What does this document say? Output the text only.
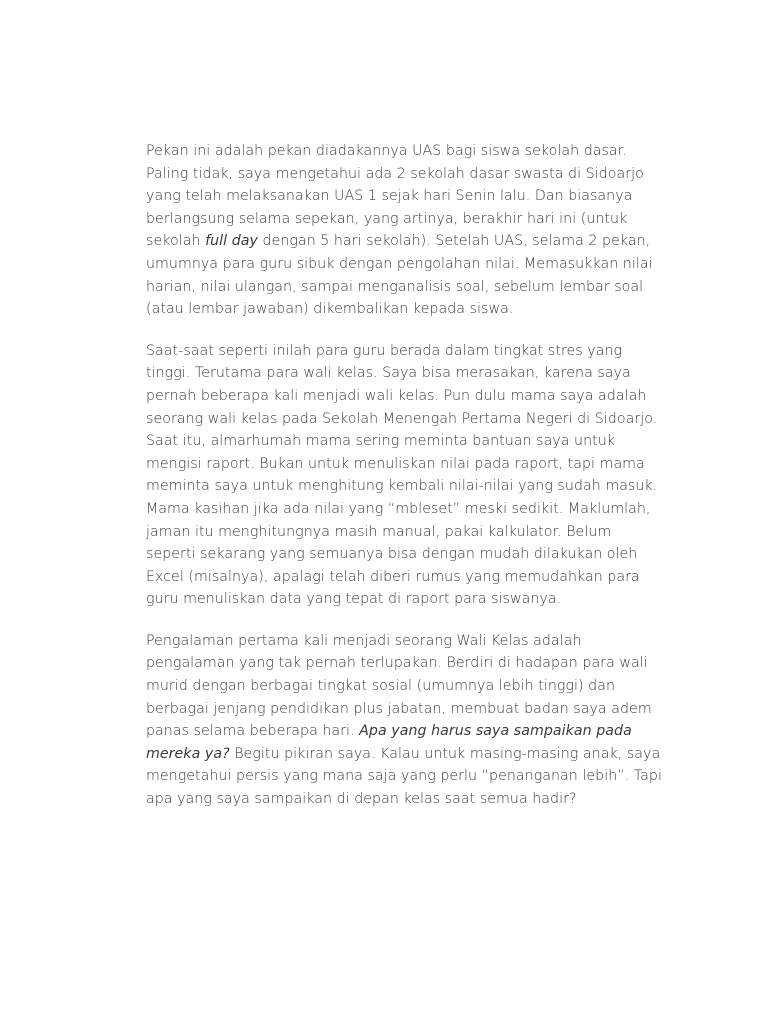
Pekan ini adalah pekan diadakannya UAS bagi siswa sekolah dasar. Paling tidak, saya mengetahui ada 2 sekolah dasar swasta di Sidoarjo yang telah melaksanakan UAS 1 sejak hari Senin lalu. Dan biasanya berlangsung selama sepekan, yang artinya, berakhir hari ini (untuk sekolah full day dengan 5 hari sekolah). Setelah UAS, selama 2 pekan, umumnya para guru sibuk dengan pengolahan nilai. Memasukkan nilai harian, nilai ulangan, sampai menganalisis soal, sebelum lembar soal (atau lembar jawaban) dikembalikan kepada siswa.

Saat-saat seperti inilah para guru berada dalam tingkat stres yang tinggi. Terutama para wali kelas. Saya bisa merasakan, karena saya pernah beberapa kali menjadi wali kelas. Pun dulu mama saya adalah seorang wali kelas pada Sekolah Menengah Pertama Negeri di Sidoarjo. Saat itu, almarhumah mama sering meminta bantuan saya untuk mengisi raport. Bukan untuk menuliskan nilai pada raport, tapi mama meminta saya untuk menghitung kembali nilai-nilai yang sudah masuk. Mama kasihan jika ada nilai yang “mbleset” meski sedikit. Maklumlah, jaman itu menghitungnya masih manual, pakai kalkulator. Belum seperti sekarang yang semuanya bisa dengan mudah dilakukan oleh Excel (misalnya), apalagi telah diberi rumus yang memudahkan para guru menuliskan data yang tepat di raport para siswanya.

Pengalaman pertama kali menjadi seorang Wali Kelas adalah pengalaman yang tak pernah terlupakan. Berdiri di hadapan para wali murid dengan berbagai tingkat sosial (umumnya lebih tinggi) dan berbagai jenjang pendidikan plus jabatan, membuat badan saya adem panas selama beberapa hari. Apa yang harus saya sampaikan pada mereka ya? Begitu pikiran saya. Kalau untuk masing-masing anak, saya mengetahui persis yang mana saja yang perlu “penanganan lebih”. Tapi apa yang saya sampaikan di depan kelas saat semua hadir?
